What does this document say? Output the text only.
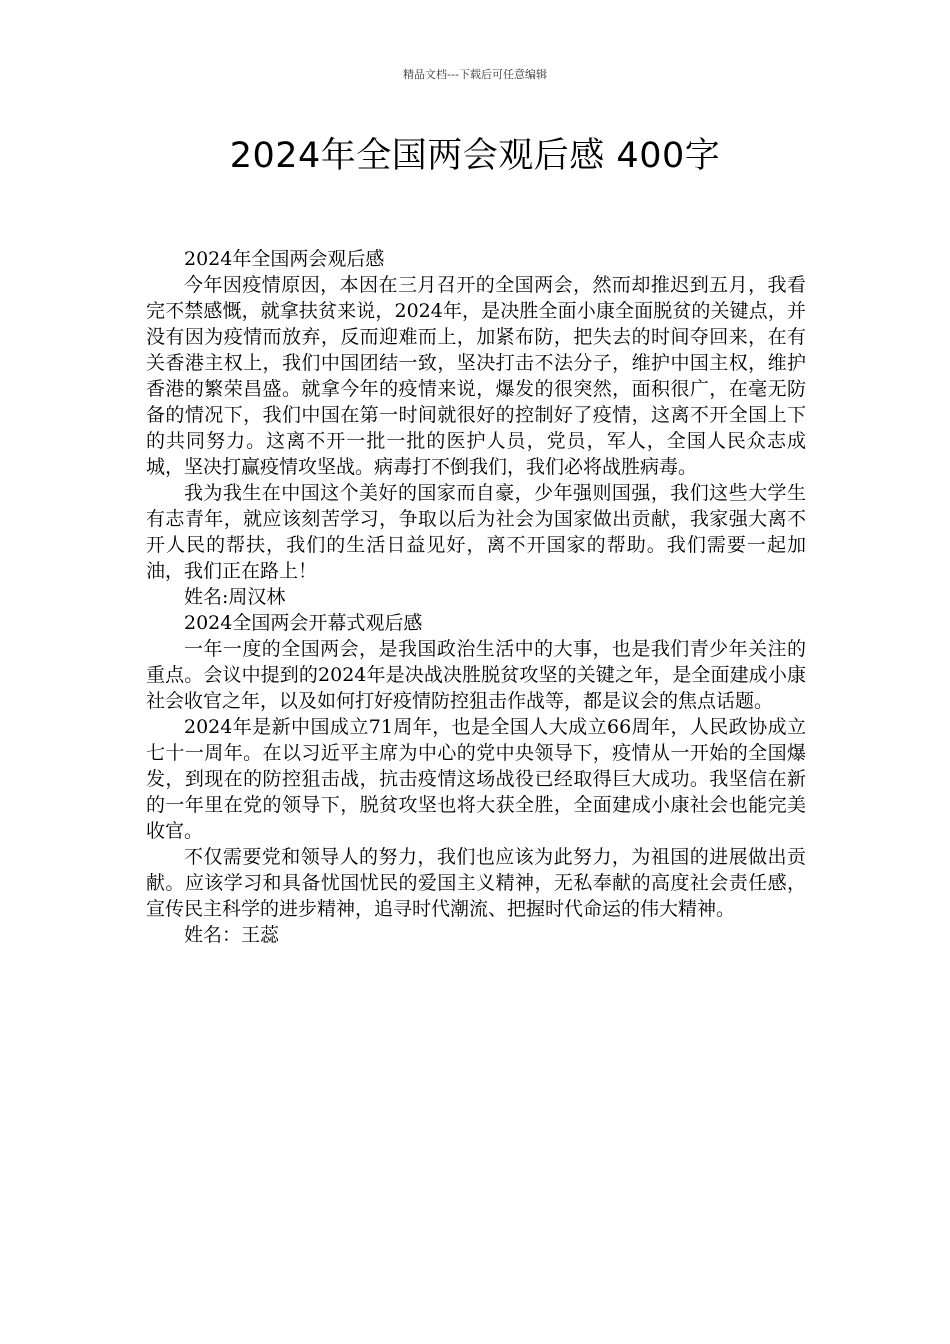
精品文档---下载后可任意编辑
2024年全国两会观后感 400字

2024年全国两会观后感

今年因疫情原因，本因在三月召开的全国两会，然而却推迟到五月，我看完不禁感慨，就拿扶贫来说，2024年，是决胜全面小康全面脱贫的关键点，并没有因为疫情而放弃，反而迎难而上，加紧布防，把失去的时间夺回来，在有关香港主权上，我们中国团结一致，坚决打击不法分子，维护中国主权，维护香港的繁荣昌盛。就拿今年的疫情来说，爆发的很突然，面积很广，在毫无防备的情况下，我们中国在第一时间就很好的控制好了疫情，这离不开全国上下的共同努力。这离不开一批一批的医护人员，党员，军人，全国人民众志成城，坚决打赢疫情攻坚战。病毒打不倒我们，我们必将战胜病毒。

我为我生在中国这个美好的国家而自豪，少年强则国强，我们这些大学生有志青年，就应该刻苦学习，争取以后为社会为国家做出贡献，我家强大离不开人民的帮扶，我们的生活日益见好，离不开国家的帮助。我们需要一起加油，我们正在路上！

姓名:周汉林

2024全国两会开幕式观后感

一年一度的全国两会，是我国政治生活中的大事，也是我们青少年关注的重点。会议中提到的2024年是决战决胜脱贫攻坚的关键之年，是全面建成小康社会收官之年，以及如何打好疫情防控狙击作战等，都是议会的焦点话题。

2024年是新中国成立71周年，也是全国人大成立66周年，人民政协成立七十一周年。在以习近平主席为中心的党中央领导下，疫情从一开始的全国爆发，到现在的防控狙击战，抗击疫情这场战役已经取得巨大成功。我坚信在新的一年里在党的领导下，脱贫攻坚也将大获全胜，全面建成小康社会也能完美收官。

不仅需要党和领导人的努力，我们也应该为此努力，为祖国的进展做出贡献。应该学习和具备忧国忧民的爱国主义精神，无私奉献的高度社会责任感，宣传民主科学的进步精神，追寻时代潮流、把握时代命运的伟大精神。

姓名：王蕊
